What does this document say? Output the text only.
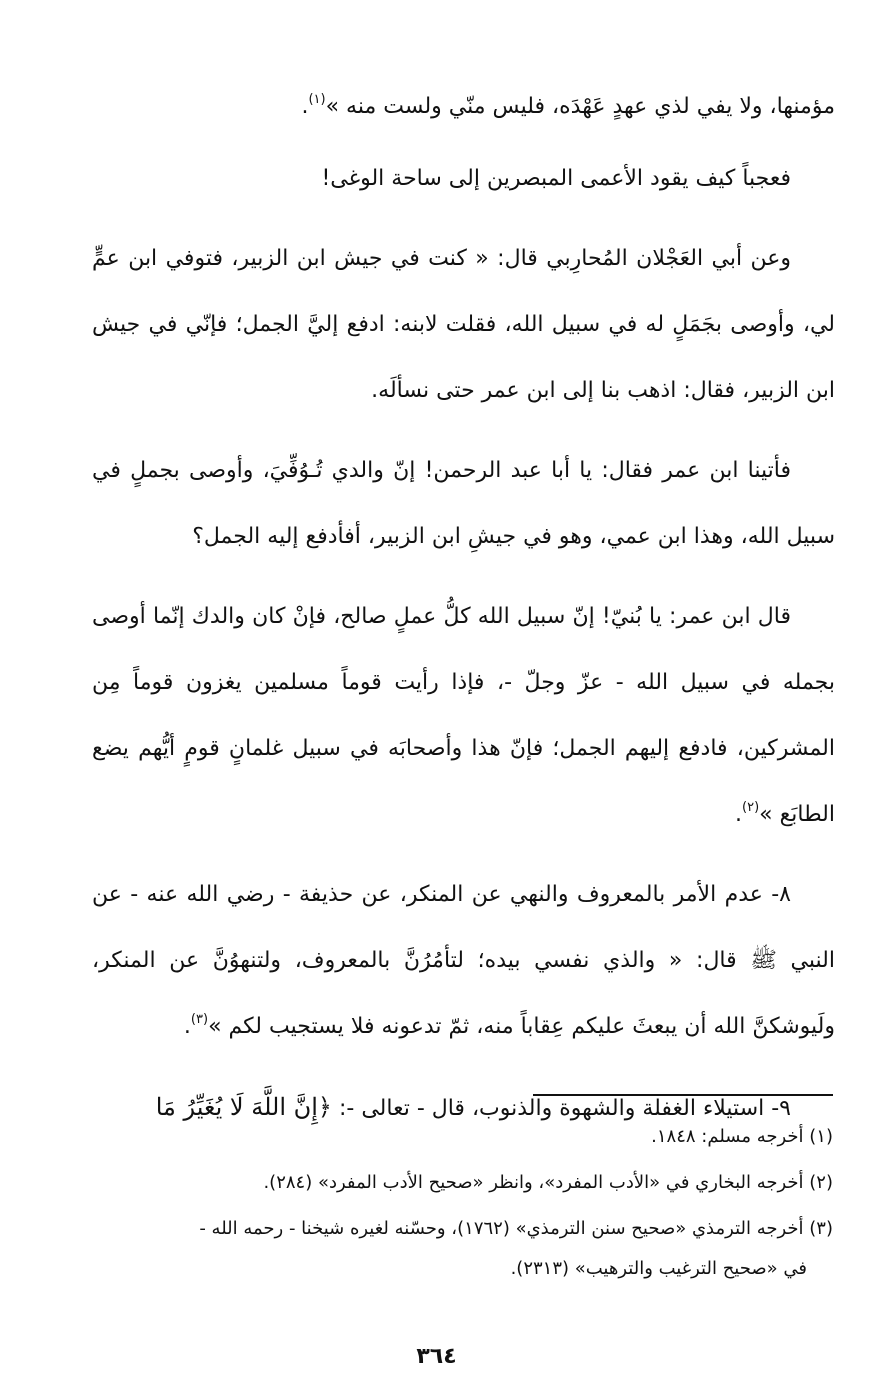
مؤمنها، ولا يفي لذي عهدٍ عَهْدَه، فليس منّي ولست منه »$^{(١)}$.

فعجباً كيف يقود الأعمى المبصرين إلى ساحة الوغى!

وعن أبي العَجْلان المُحارِبي قال: « كنت في جيش ابن الزبير، فتوفي ابن عمٍّ لي، وأوصى بجَمَلٍ له في سبيل الله، فقلت لابنه: ادفع إليَّ الجمل؛ فإنّي في جيش ابن الزبير، فقال: اذهب بنا إلى ابن عمر حتى نسألَه.

فأتينا ابن عمر فقال: يا أبا عبد الرحمن! إنّ والدي تُـوُفِّيَ، وأوصى بجملٍ في سبيل الله، وهذا ابن عمي، وهو في جيشِ ابن الزبير، أفأدفع إليه الجمل؟

قال ابن عمر: يا بُنيّ! إنّ سبيل الله كلُّ عملٍ صالح، فإنْ كان والدك إنّما أوصى بجمله في سبيل الله - عزّ وجلّ -، فإذا رأيت قوماً مسلمين يغزون قوماً مِن المشركين، فادفع إليهم الجمل؛ فإنّ هذا وأصحابَه في سبيل غلمانٍ قومٍ أيُّهم يضع الطابَع »$^{(٢)}$.

٨- عدم الأمر بالمعروف والنهي عن المنكر، عن حذيفة - رضي الله عنه - عن النبي ﷺ قال: « والذي نفسي بيده؛ لتأمُرُنَّ بالمعروف، ولتنهوُنَّ عن المنكر، ولَيوشكنَّ الله أن يبعثَ عليكم عِقاباً منه، ثمّ تدعونه فلا يستجيب لكم »$^{(٣)}$.

٩- استيلاء الغفلة والشهوة والذنوب، قال - تعالى -: ﴿إِنَّ اللَّهَ لَا يُغَيِّرُ مَا

(١) أخرجه مسلم: ١٨٤٨.
(٢) أخرجه البخاري في «الأدب المفرد»، وانظر «صحيح الأدب المفرد» (٢٨٤).
(٣) أخرجه الترمذي «صحيح سنن الترمذي» (١٧٦٢)، وحسّنه لغيره شيخنا - رحمه الله -
في «صحيح الترغيب والترهيب» (٢٣١٣).
٣٦٤
